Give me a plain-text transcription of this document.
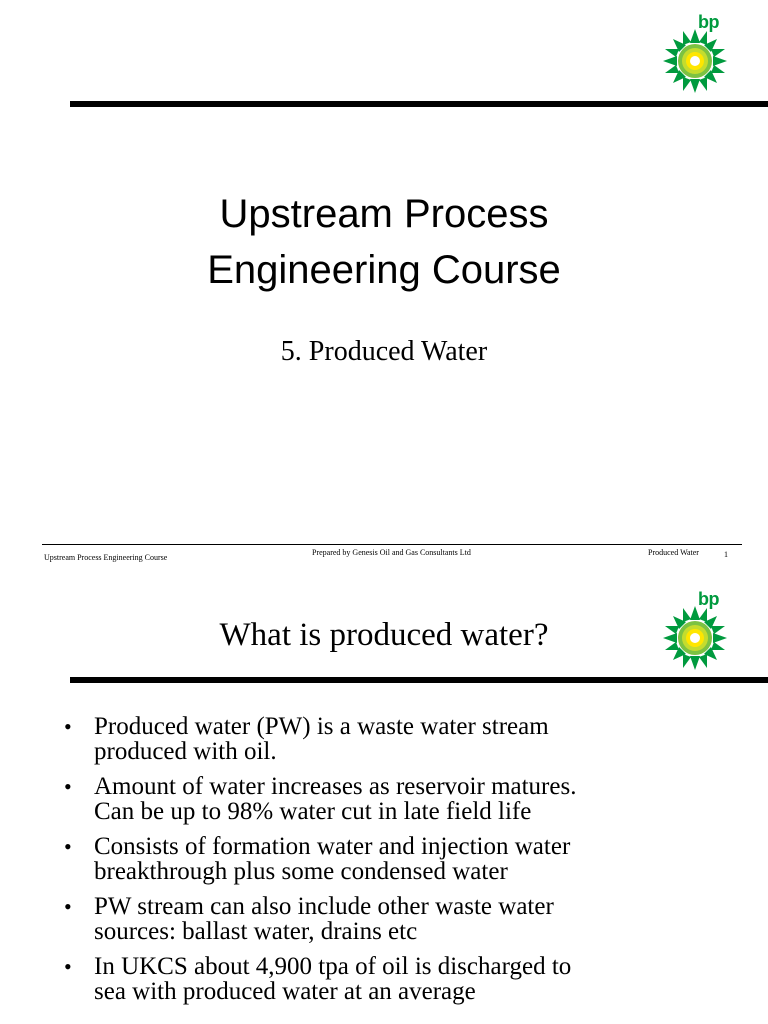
bp
Upstream Process
Engineering Course
5. Produced Water
Upstream Process Engineering Course
Prepared by Genesis Oil and Gas Consultants Ltd	Produced Water	1
bp
What is produced water?
• Produced water (PW) is a waste water stream
produced with oil.
• Amount of water increases as reservoir matures.
Can be up to 98% water cut in late field life
• Consists of formation water and injection water
breakthrough plus some condensed water
• PW stream can also include other waste water
sources: ballast water, drains etc
• In UKCS about 4,900 tpa of oil is discharged to
sea with produced water at an average
